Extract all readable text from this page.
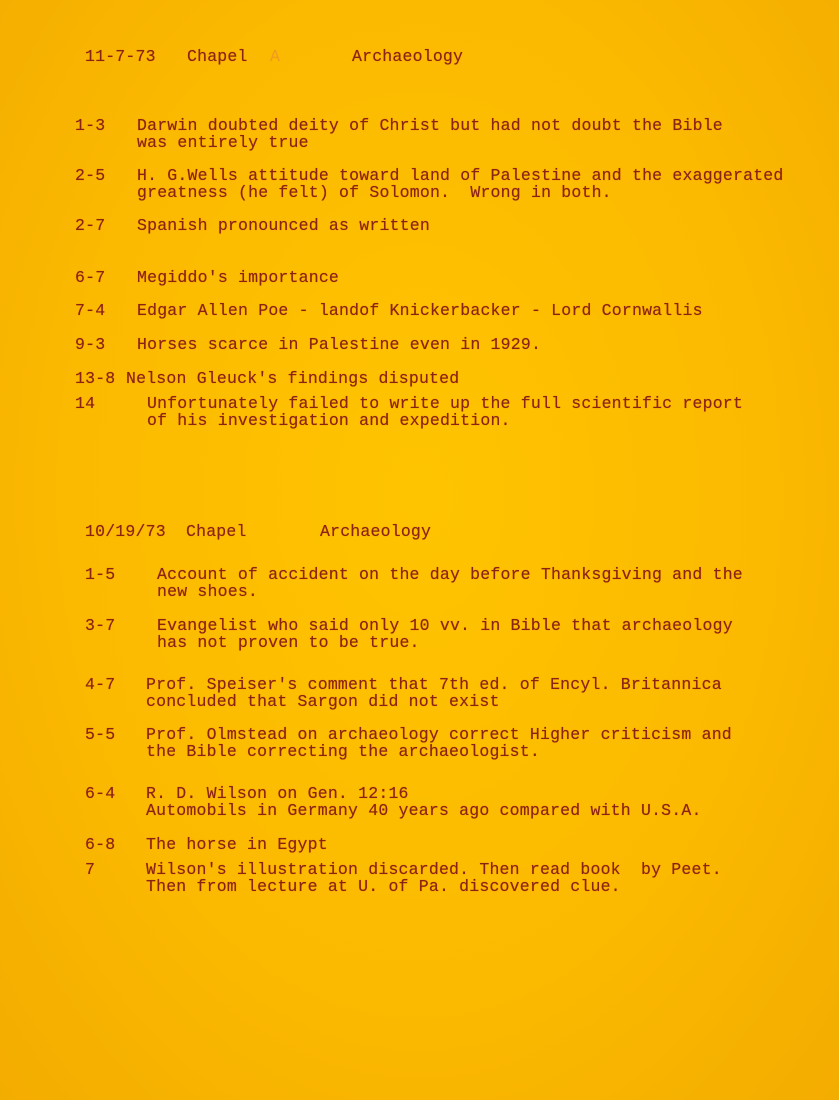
11-7-73 Chapel A	Archaeology
1-3 Darwin doubted deity of Christ but had not doubt the Bible
was entirely true
2-5 H. G.Wells attitude toward land of Palestine and the exaggerated
greatness (he felt) of Solomon.  Wrong in both.
2-7 Spanish pronounced as written
6-7 Megiddo's importance
7-4 Edgar Allen Poe - landof Knickerbacker - Lord Cornwallis
9-3 Horses scarce in Palestine even in 1929.
13-8 Nelson Gleuck's findings disputed
14	Unfortunately failed to write up the full scientific report
of his investigation and expedition.
10/19/73 Chapel	Archaeology
1-5	Account of accident on the day before Thanksgiving and the
new shoes.
3-7	Evangelist who said only 10 vv. in Bible that archaeology
has not proven to be true.
4-7 Prof. Speiser's comment that 7th ed. of Encyl. Britannica
concluded that Sargon did not exist
5-5 Prof. Olmstead on archaeology correct Higher criticism and
the Bible correcting the archaeologist.
6-4 R. D. Wilson on Gen. 12:16
Automobils in Germany 40 years ago compared with U.S.A.
6-8 The horse in Egypt
7	Wilson's illustration discarded. Then read book  by Peet.
Then from lecture at U. of Pa. discovered clue.
